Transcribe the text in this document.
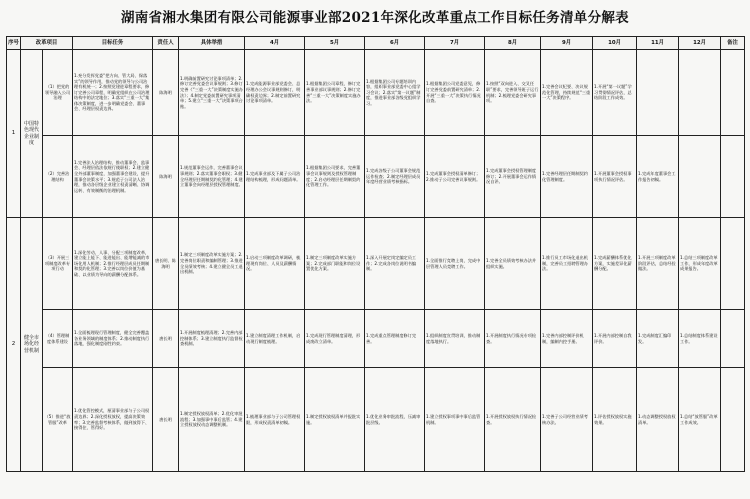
湖南省湘水集团有限公司能源事业部2021年深化改革重点工作目标任务清单分解表
序号	改革项目		目标任务	责任人	具体举措	4月	5月	6月	7月	8月	9月	10月	11月	12月	备注
1	中国特色现代企业制度	（1）把党的领导融入公司治理	1.充分发挥党委“把方向、管大局、保落实”的领导作用，推动党的领导与公司治理有机统一；2.按照党建进章程要求，修订完善公司章程，明确党组织在公司治理结构中的法定地位；3.落实“三重一大”集体决策制度，进一步明确党委会、董事会、经理层权责边界。	陈海明	1.明确前置研究讨论事项清单；2.修订完善党委会议事规则；3.修订完善《“三重一大”决策制度实施办法》；4.制定党委前置研究事项清单；5.建立“三重一大”决策事项台账。	1.完成能源事业部党委会、总经理办公会议事规则修订，明确权责边界；2.制定前置研究讨论事项清单。	1.根据集团公司章程，修订完善事业部议事规则；2.修订完善“三重一大”决策制度实施办法。	1.根据集团公司专题培训内容，组织事业部党委中心组学习会议；2.落实“第一议题”制度，推进事业部各级党组织学习。	1.根据集团公司党委意见，修订完善党委前置研究清单；2.开展“三重一大”决策执行情况自查。	1.按照“双向进入、交叉任职”要求，完善领导班子运行机制；2.梳理党委会研究事项。	1.完善会议纪要、决议规范化管理，持续规范“三重一大”决策程序。	1.开展“第一议题”学习贯彻情况评估，总结阶段工作成效。			
		（2）完善治理结构	1.完善法人治理结构，推动董事会、监事会、经理层依法依规行使职权；2.建立健全外部董事制度，加强董事会建设，提升董事会决策水平；3.规范子公司法人治理，推动各层级企业建立权责清晰、协调运转、有效制衡的治理机制。	陈海明	1.规范董事会运作，完善董事会议事规则；2.落实董事会职权；3.健全经理层任期制契约化管理；4.建立董事会向经理层授权管理制度。	1.完成事业部及下属子公司治理结构梳理，形成问题清单。	1.根据集团公司要求，完善董事会议事规则及授权管理制度；2.启动经理层任期制契约化管理工作。	1.完成各级子公司董事会规范运作检查；2.制定经理层成员年度经营业绩考核指标。	1.完成董事会授权清单修订；2.推动子公司完善议事规则。	1.完成董事会授权管理制度修订；2.开展董事会运作情况自评。	1.完善经理层任期制契约化管理制度。	1.开展董事会授权事项执行情况评估。	1.完成年度董事会工作报告初稿。		
2	健全市场化经营机制	（3）开展三项制度改革专项行动	1.深化劳动、人事、分配三项制度改革，建立能上能下、能进能出、能增能减的市场化用人机制；2.推行经理层成员任期制和契约化管理；3.完善以岗位价值为基础、以业绩为导向的薪酬分配体系。	唐长明、陈海明	1.制定三项制度改革实施方案；2.完善岗位职责和编制管理；3.推进全员绩效考核；4.建立健全员工退出机制。	1.启动三项制度改革调研，梳理现有岗位、人员及薪酬情况。	1.制定三项制度改革实施方案；2.完成部门职能和岗位设置优化方案。	1.深入开展定岗定编定员工作；2.完成各岗位说明书编制。	1.全面推行竞聘上岗，完成中层管理人员竞聘工作。	1.完善全员绩效考核办法并组织实施。	1.推行员工市场化退出机制，完善员工招聘管理办法。	1.完成薪酬体系优化方案，实施差异化薪酬分配。	1.开展三项制度改革阶段评估，总结经验做法。	1.总结三项制度改革工作，形成年度改革成果报告。	
		（4）管理制度体系建设	1.全面梳理现行管理制度，健全完善覆盖各业务领域的制度体系；2.推动制度执行落地，强化制度刚性约束。	唐长明	1.开展制度梳理清理；2.完善内部控制体系；3.建立制度执行监督检查机制。	1.建立制度清理工作机制，启动现行制度梳理。	1.完成现行管理制度清理，形成废改立清单。	1.完成重点管理制度修订完善。	1.组织制度宣贯培训，推动制度落地执行。	1.开展制度执行情况专项检查。	1.完善内部控制评价机制，编制内控手册。	1.开展内部控制自我评价。	1.完成制度汇编印发。	1.总结制度体系建设工作。	
		（5）推进“放管服”改革	1.优化管控模式，厘清事业部与子公司权责边界；2.深化授权放权，提高决策效率；3.完善监督考核体系，做到放得下、接得住、管得好。	唐长明	1.制定授权放权清单；2.优化审批流程；3.加强事中事后监管；4.建立授权放权动态调整机制。	1.梳理事业部与子公司管理权限，形成权责清单初稿。	1.制定授权放权清单并报批实施。	1.优化业务审批流程，压减审批层级。	1.建立授权事项事中事后监管机制。	1.开展授权放权执行情况检查。	1.完善子公司经营业绩考核办法。	1.评估授权放权实施效果。	1.动态调整授权放权清单。	1.总结“放管服”改革工作成效。	
